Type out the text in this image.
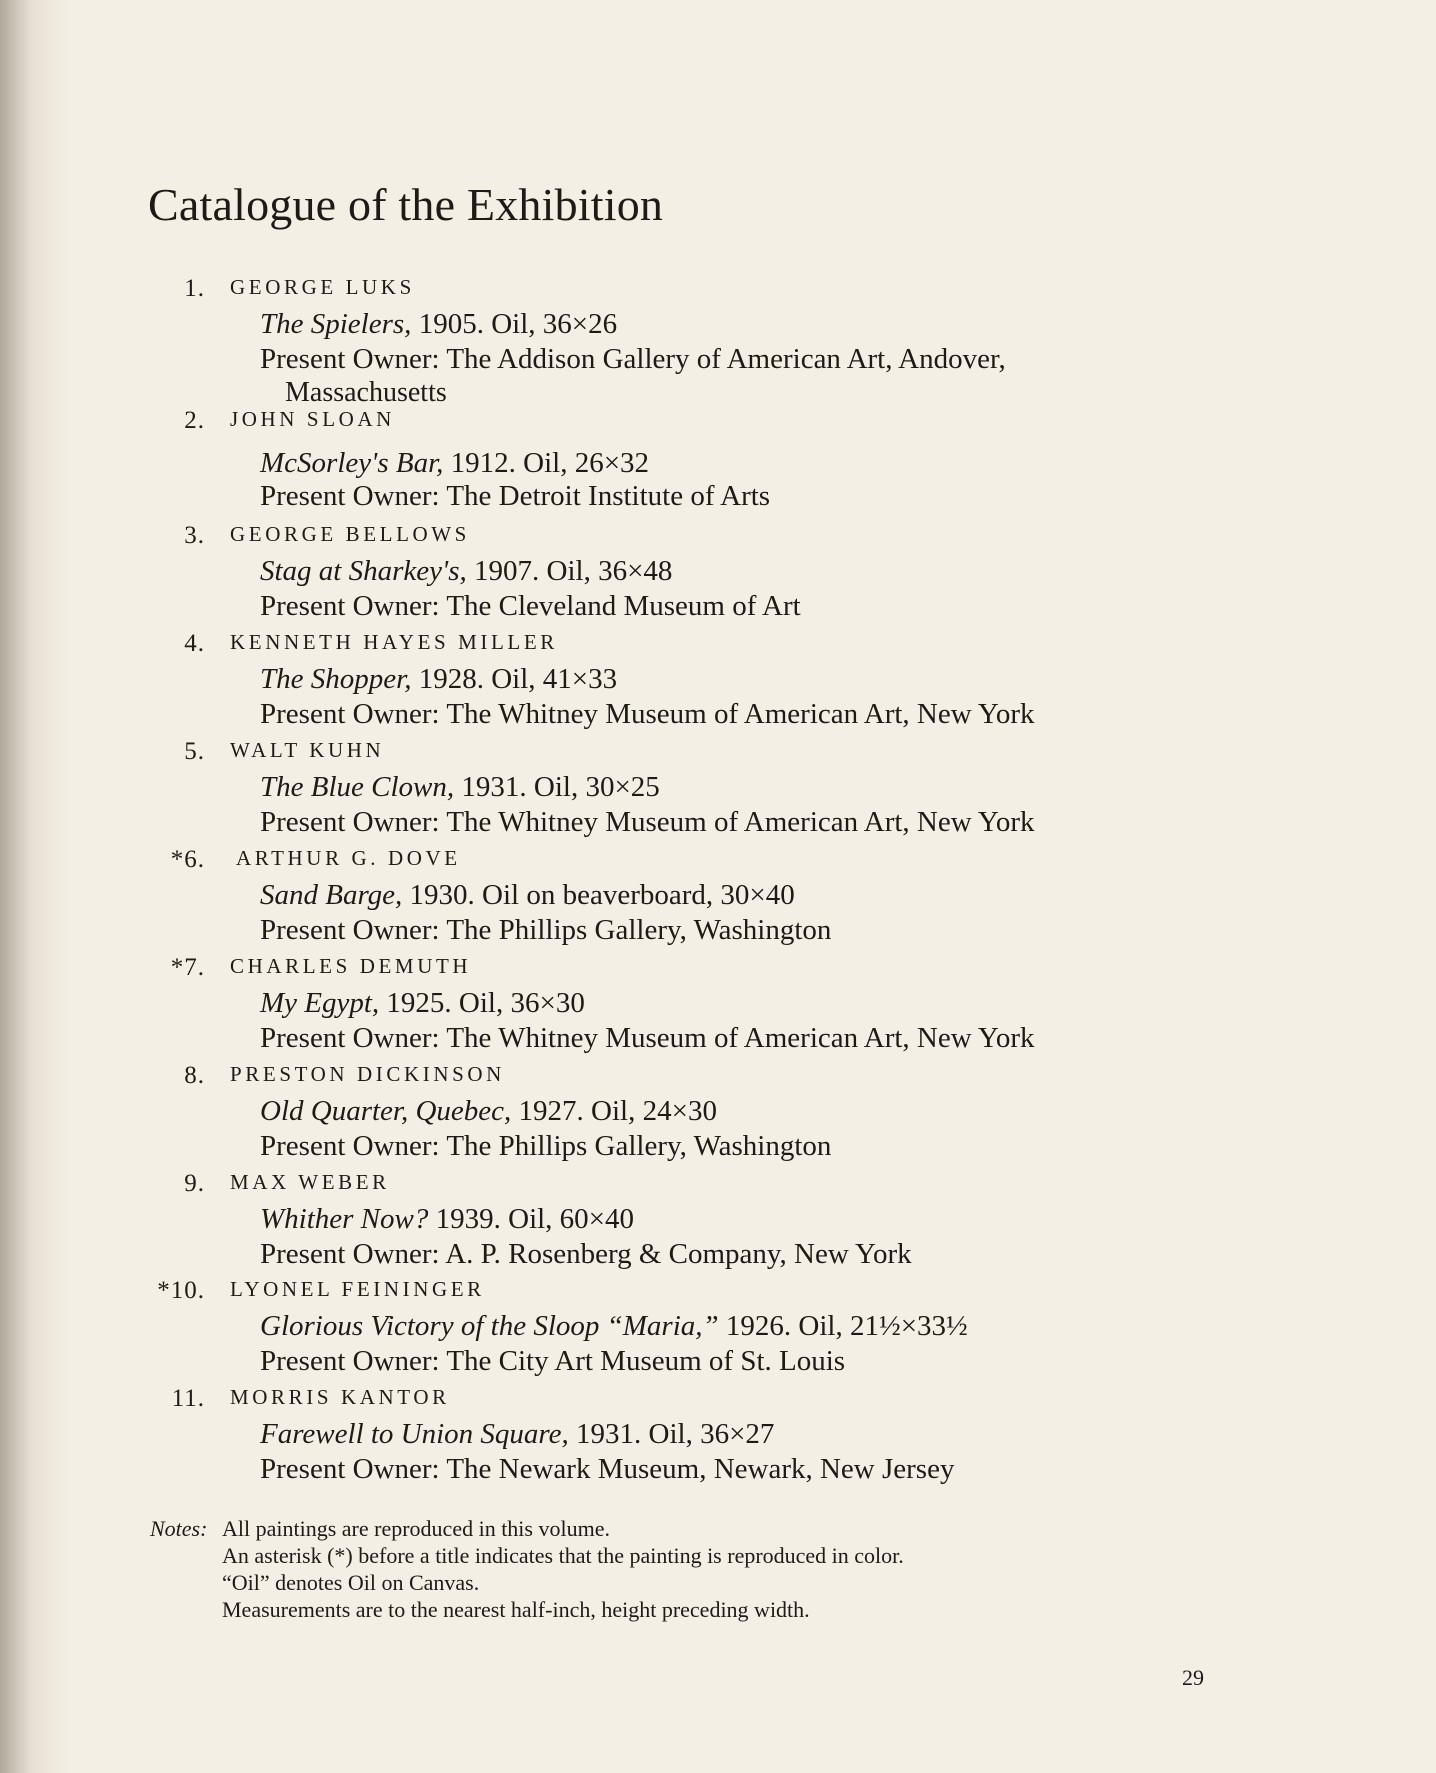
Catalogue of the Exhibition
1. GEORGE LUKS
The Spielers, 1905. Oil, 36×26
Present Owner: The Addison Gallery of American Art, Andover,
Massachusetts
2. JOHN SLOAN
McSorley's Bar, 1912. Oil, 26×32
Present Owner: The Detroit Institute of Arts
3. GEORGE BELLOWS
Stag at Sharkey's, 1907. Oil, 36×48
Present Owner: The Cleveland Museum of Art
4. KENNETH HAYES MILLER
The Shopper, 1928. Oil, 41×33
Present Owner: The Whitney Museum of American Art, New York
5. WALT KUHN
The Blue Clown, 1931. Oil, 30×25
Present Owner: The Whitney Museum of American Art, New York
*6. ARTHUR G. DOVE
Sand Barge, 1930. Oil on beaverboard, 30×40
Present Owner: The Phillips Gallery, Washington
*7. CHARLES DEMUTH
My Egypt, 1925. Oil, 36×30
Present Owner: The Whitney Museum of American Art, New York
8. PRESTON DICKINSON
Old Quarter, Quebec, 1927. Oil, 24×30
Present Owner: The Phillips Gallery, Washington
9. MAX WEBER
Whither Now? 1939. Oil, 60×40
Present Owner: A. P. Rosenberg & Company, New York
*10. LYONEL FEININGER
Glorious Victory of the Sloop “Maria,” 1926. Oil, 21½×33½
Present Owner: The City Art Museum of St. Louis
11. MORRIS KANTOR
Farewell to Union Square, 1931. Oil, 36×27
Present Owner: The Newark Museum, Newark, New Jersey
Notes: All paintings are reproduced in this volume.
An asterisk (*) before a title indicates that the painting is reproduced in color.
“Oil” denotes Oil on Canvas.
Measurements are to the nearest half-inch, height preceding width.
29
